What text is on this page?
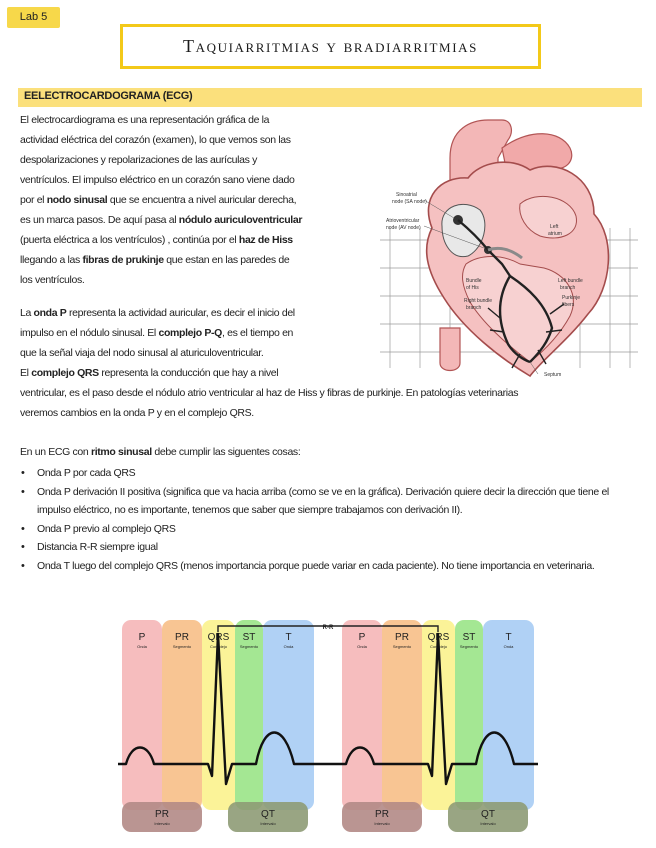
Lab 5
Taquiarritmias y bradiarritmias
EELECTROCARDOGRAMA (ECG)
El electrocardiograma es una representación gráfica de la
actividad eléctrica del corazón (examen), lo que vemos son las
despolarizaciones y repolarizaciones de las aurículas y
ventrículos. El impulso eléctrico en un corazón sano viene dado
por el nodo sinusal que se encuentra a nivel auricular derecha,
es un marca pasos. De aquí pasa al nódulo auriculoventricular
(puerta eléctrica a los ventrículos) , continúa por el haz de Hiss
llegando a las fibras de prukinje que estan en las paredes de
los ventrículos.
La onda P representa la actividad auricular, es decir el inicio del
impulso en el nódulo sinusal. El complejo P-Q, es el tiempo en
que la señal viaja del nodo sinusal al aturiculoventricular.
El complejo QRS representa la conducción que hay a nivel
ventricular, es el paso desde el nódulo atrio ventricular al haz de Hiss y fibras de purkinje. En patologías veterinarias
veremos cambios en la onda P y en el complejo QRS.
En un ECG con ritmo sinusal debe cumplir las siguentes cosas:
• Onda P por cada QRS
• Onda P derivación II positiva (significa que va hacia arriba (como se ve en la gráfica). Derivación quiere decir la dirección que tiene el impulso eléctrico, no es importante, tenemos que saber que siempre trabajamos con derivación II).
• Onda P previo al complejo QRS
• Distancia R-R siempre igual
• Onda T luego del complejo QRS (menos importancia porque puede variar en cada paciente). No tiene importancia en veterinaria.
Sinoatrial
node (SA node)
Atrioventricular
node (AV node)	Left
atrium
Bundle
of His
Left bundle
branch
Purkinje
fibers
Right bundle
branch
Septum
P
Onda
PR
Segmento
QRS
Complejo
ST
Segmento
T
Onda
PR
Intervalo
QT
Intervalo
P
Onda
PR
Segmento
QRS
Complejo
ST
Segmento
T
Onda
PR
Intervalo
QT
Intervalo
R-R
